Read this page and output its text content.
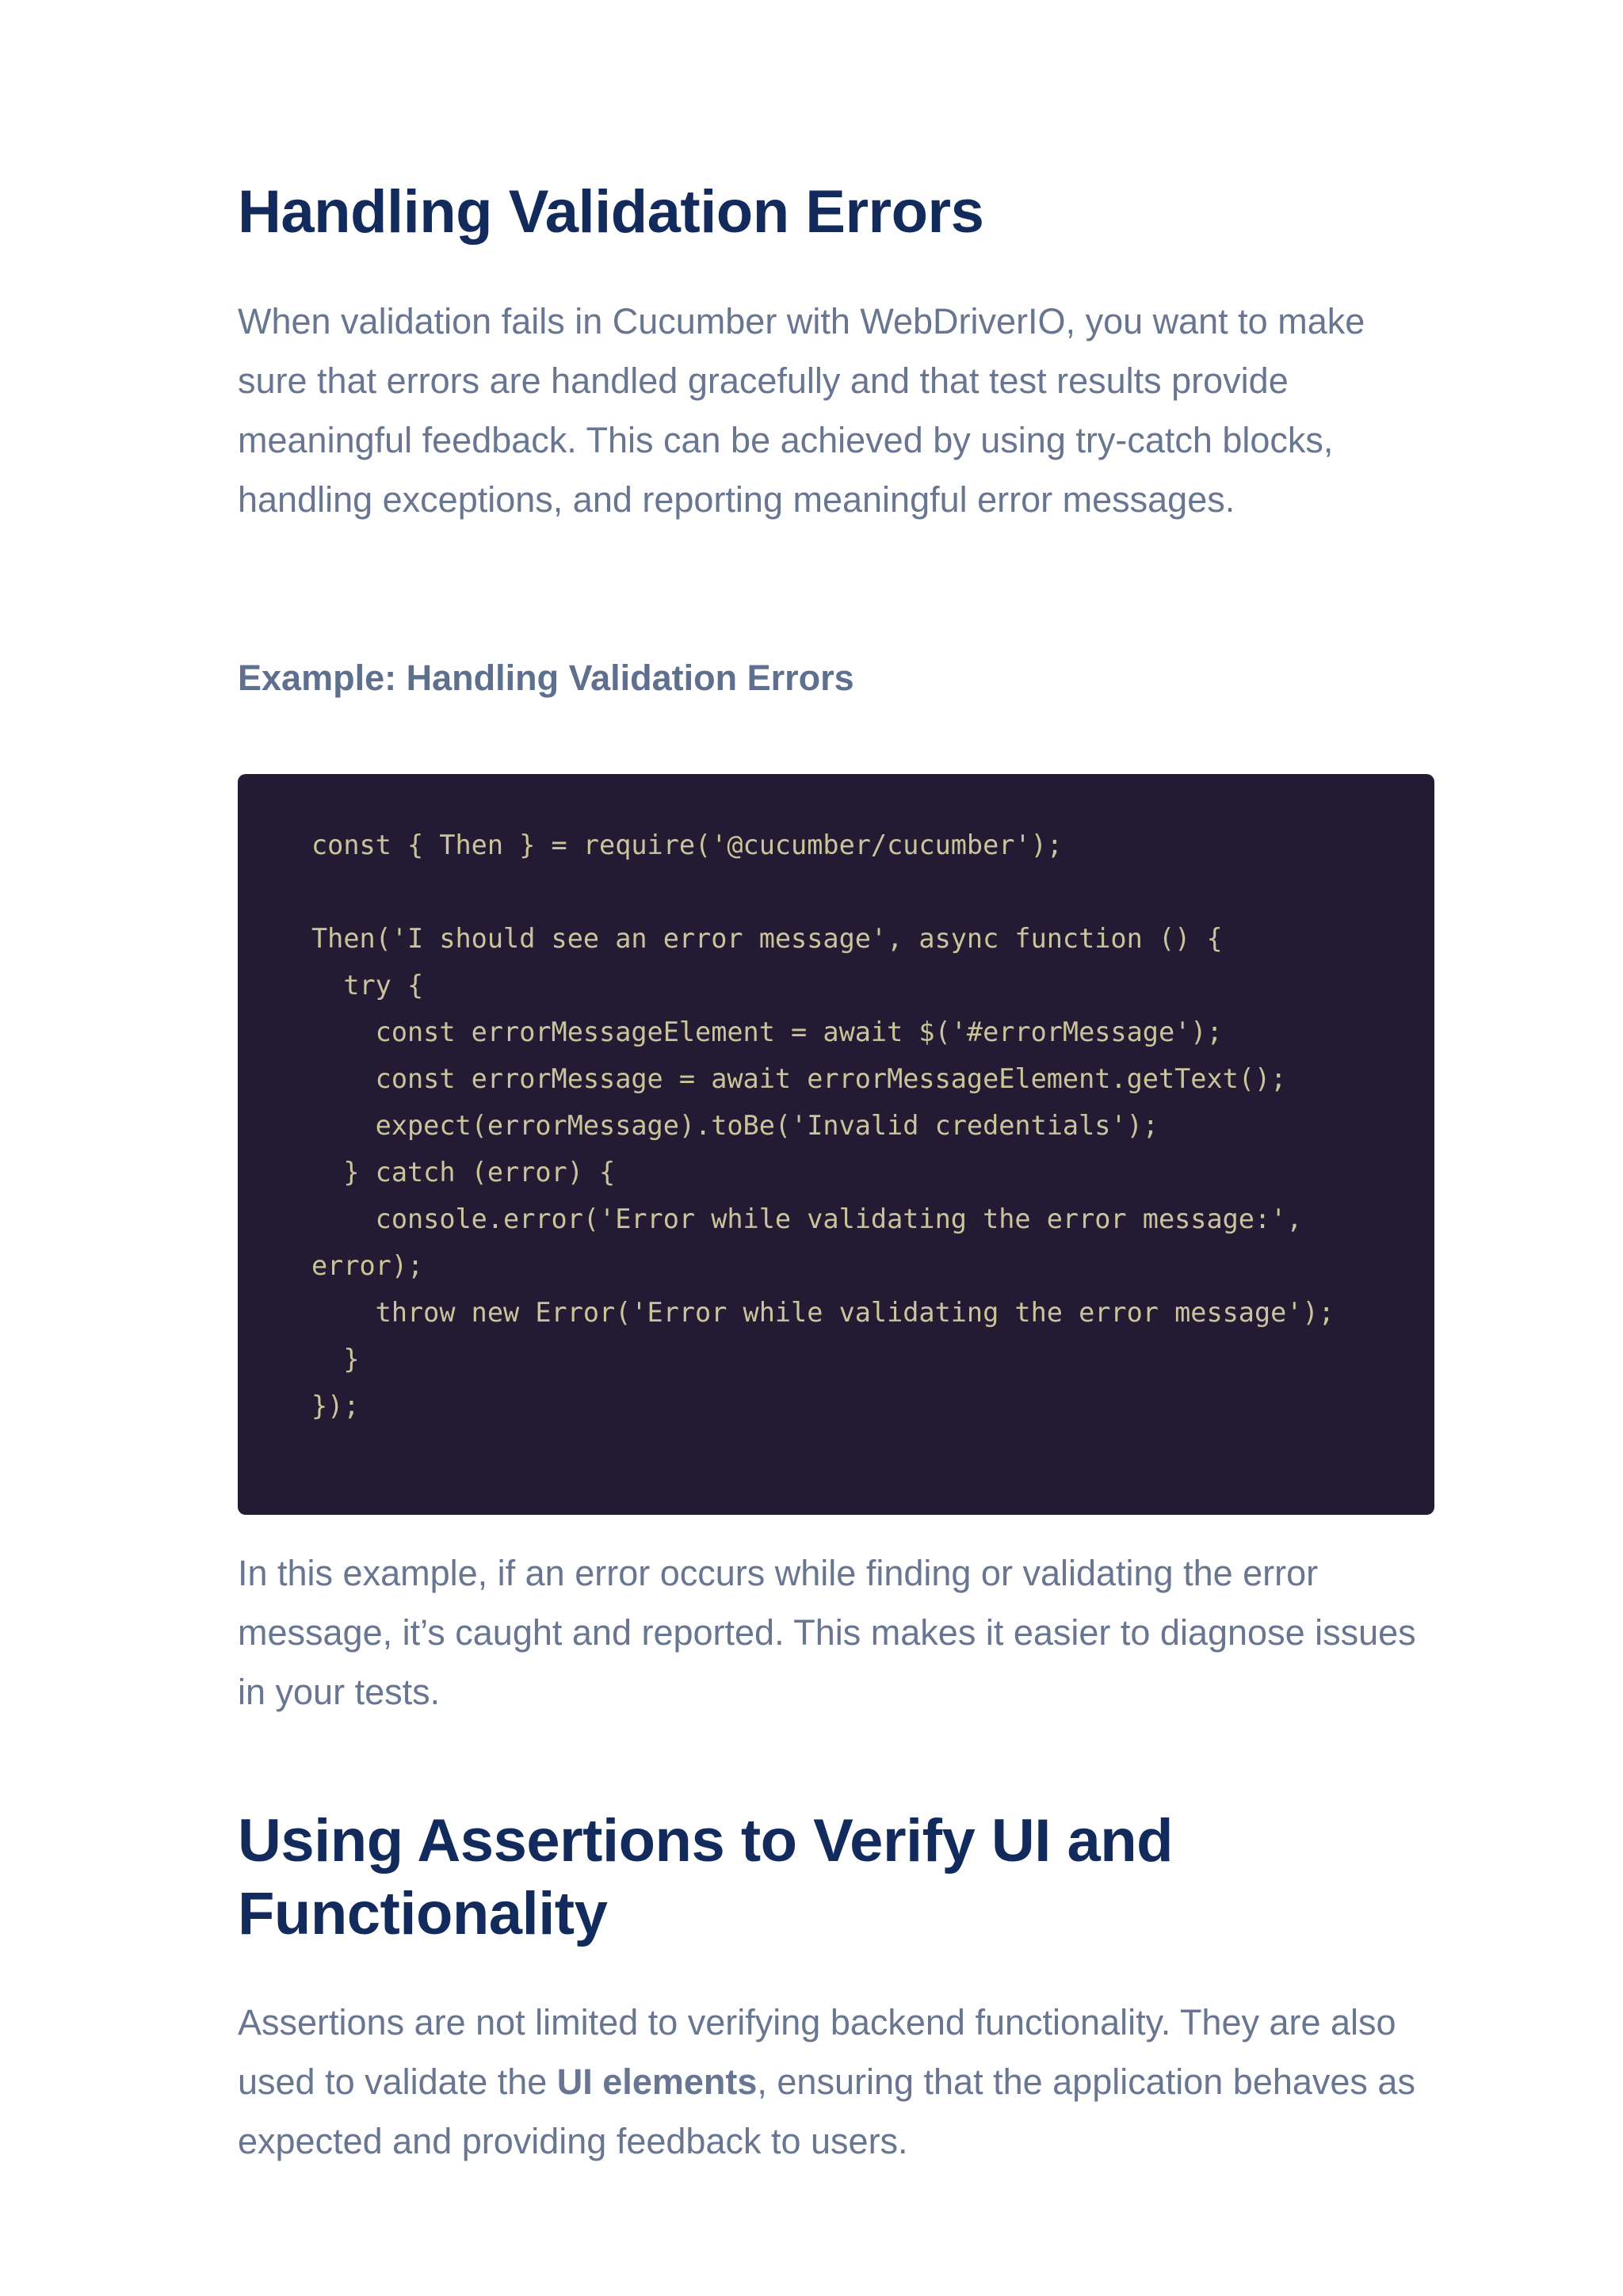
Handling Validation Errors

When validation fails in Cucumber with WebDriverIO, you want to make sure that errors are handled gracefully and that test results provide meaningful feedback. This can be achieved by using try-catch blocks, handling exceptions, and reporting meaningful error messages.

Example: Handling Validation Errors
const { Then } = require('@cucumber/cucumber');

Then('I should see an error message', async function () {
try {
const errorMessageElement = await $('#errorMessage');
const errorMessage = await errorMessageElement.getText();
expect(errorMessage).toBe('Invalid credentials');
} catch (error) {
console.error('Error while validating the error message:',
error);
throw new Error('Error while validating the error message');
}
});

In this example, if an error occurs while finding or validating the error message, it’s caught and reported. This makes it easier to diagnose issues in your tests.

Using Assertions to Verify UI and Functionality

Assertions are not limited to verifying backend functionality. They are also used to validate the UI elements, ensuring that the application behaves as expected and providing feedback to users.
